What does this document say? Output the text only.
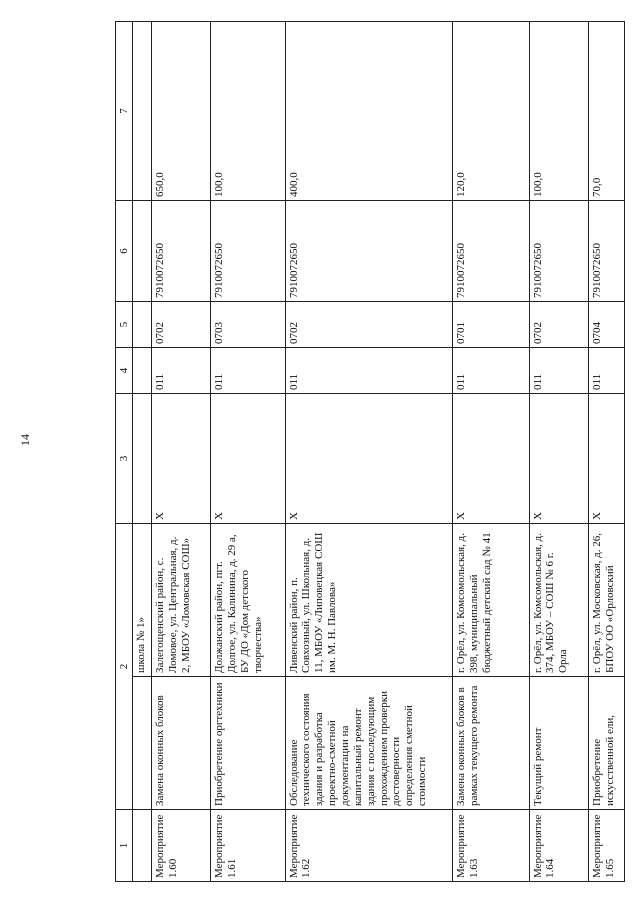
14
1	2		3	4	5	6	7
		школа № 1»					
Мероприятие 1.60	Замена оконных блоков	Залегощенский район, с. Ломовое, ул. Центральная, д. 2, МБОУ «Ломовская СОШ»	Х	011	0702	7910072650	650,0
Мероприятие 1.61	Приобретение оргтехники	Должанский район, пгт. Долгое, ул. Калинина, д. 29 а, БУ ДО «Дом детского творчества»	Х	011	0703	7910072650	100,0
Мероприятие 1.62	Обследование технического состояния здания и разработка проектно-сметной документации на капитальный ремонт здания с последующим прохождением проверки достоверности определения сметной стоимости	Ливенский район, п. Совхозный, ул. Школьная, д. 11, МБОУ «Липовецкая СОШ им. М. Н. Павлова»	Х	011	0702	7910072650	400,0
Мероприятие 1.63	Замена оконных блоков в рамках текущего ремонта	г. Орёл, ул. Комсомольская, д. 398, муниципальный бюджетный детский сад № 41	Х	011	0701	7910072650	120,0
Мероприятие 1.64	Текущий ремонт	г. Орёл, ул. Комсомольская, д. 374, МБОУ – СОШ № 6 г. Орла	Х	011	0702	7910072650	100,0
Мероприятие 1.65	Приобретение искусственной ели,	г. Орёл, ул. Московская, д. 26, БПОУ ОО «Орловский	Х	011	0704	7910072650	70,0
